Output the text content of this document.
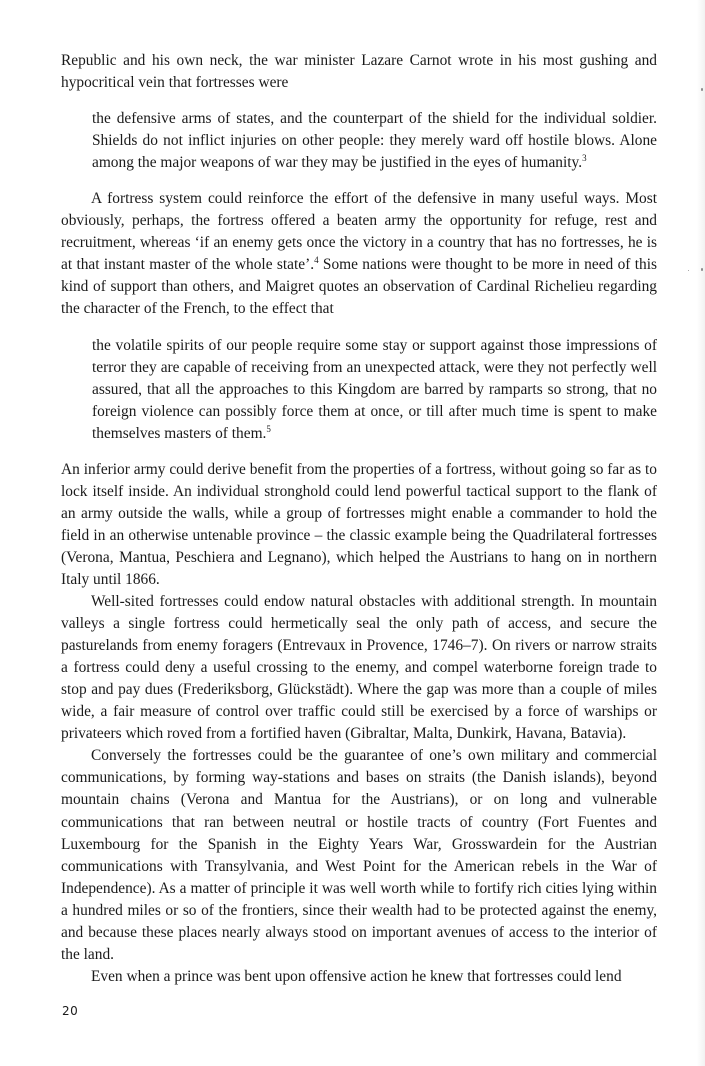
Republic and his own neck, the war minister Lazare Carnot wrote in his most gushing and hypocritical vein that fortresses were

the defensive arms of states, and the counterpart of the shield for the individual soldier. Shields do not inflict injuries on other people: they merely ward off hostile blows. Alone among the major weapons of war they may be justified in the eyes of humanity.$^3$

A fortress system could reinforce the effort of the defensive in many useful ways. Most obviously, perhaps, the fortress offered a beaten army the opportunity for refuge, rest and recruitment, whereas ‘if an enemy gets once the victory in a country that has no fortresses, he is at that instant master of the whole state’.$^4$ Some nations were thought to be more in need of this kind of support than others, and Maigret quotes an observation of Cardinal Richelieu regarding the character of the French, to the effect that

the volatile spirits of our people require some stay or support against those impressions of terror they are capable of receiving from an unexpected attack, were they not perfectly well assured, that all the approaches to this Kingdom are barred by ramparts so strong, that no foreign violence can possibly force them at once, or till after much time is spent to make themselves masters of them.$^5$

An inferior army could derive benefit from the properties of a fortress, without going so far as to lock itself inside. An individual stronghold could lend powerful tactical support to the flank of an army outside the walls, while a group of fortresses might enable a commander to hold the field in an otherwise untenable province – the classic example being the Quadrilateral fortresses (Verona, Mantua, Peschiera and Legnano), which helped the Austrians to hang on in northern Italy until 1866.

Well-sited fortresses could endow natural obstacles with additional strength. In mountain valleys a single fortress could hermetically seal the only path of access, and secure the pasturelands from enemy foragers (Entrevaux in Provence, 1746–7). On rivers or narrow straits a fortress could deny a useful crossing to the enemy, and compel waterborne foreign trade to stop and pay dues (Frederiksborg, Glückstädt). Where the gap was more than a couple of miles wide, a fair measure of control over traffic could still be exercised by a force of warships or privateers which roved from a fortified haven (Gibraltar, Malta, Dunkirk, Havana, Batavia).

Conversely the fortresses could be the guarantee of one’s own military and commercial communications, by forming way-stations and bases on straits (the Danish islands), beyond mountain chains (Verona and Mantua for the Austrians), or on long and vulnerable communications that ran between neutral or hostile tracts of country (Fort Fuentes and Luxembourg for the Spanish in the Eighty Years War, Grosswardein for the Austrian communications with Transylvania, and West Point for the American rebels in the War of Independence). As a matter of principle it was well worth while to fortify rich cities lying within a hundred miles or so of the frontiers, since their wealth had to be protected against the enemy, and because these places nearly always stood on important avenues of access to the interior of the land.

Even when a prince was bent upon offensive action he knew that fortresses could lend

20
